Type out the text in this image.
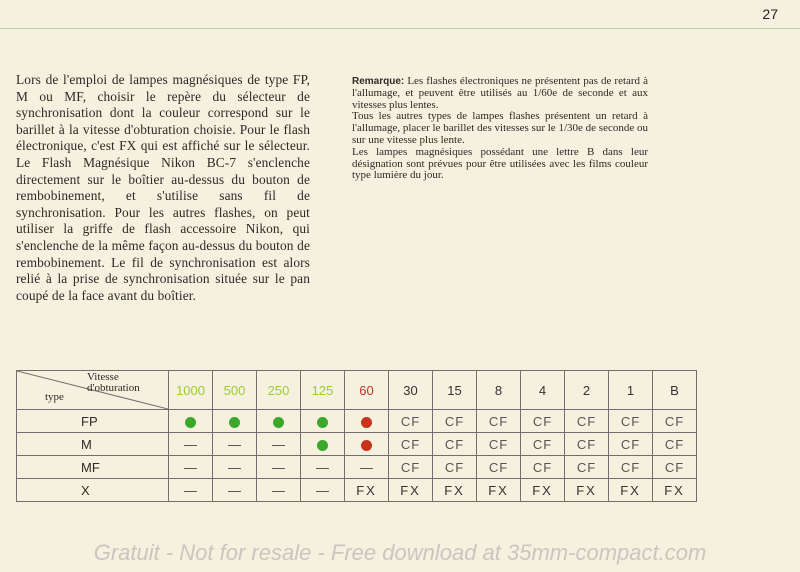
27

Lors de l'emploi de lampes magnésiques de type FP, M ou MF, choisir le repère du sélecteur de synchronisation dont la couleur correspond sur le barillet à la vitesse d'obturation choisie. Pour le flash électronique, c'est FX qui est affiché sur le sélecteur. Le Flash Magnésique Nikon BC-7 s'enclenche directement sur le boîtier au-dessus du bouton de rembobinement, et s'utilise sans fil de synchronisation. Pour les autres flashes, on peut utiliser la griffe de flash accessoire Nikon, qui s'enclenche de la même façon au-dessus du bouton de rembobinement. Le fil de synchronisation est alors relié à la prise de synchronisation située sur le pan coupé de la face avant du boîtier.

Remarque: Les flashes électroniques ne présentent pas de retard à l'allumage, et peuvent être utilisés au 1/60e de seconde et aux vitesses plus lentes.

Tous les autres types de lampes flashes présentent un retard à l'allumage, placer le barillet des vitesses sur le 1/30e de seconde ou sur une vitesse plus lente.

Les lampes magnésiques possédant une lettre B dans leur désignation sont prévues pour être utilisées avec les films couleur type lumière du jour.

Vitesse d'obturation
type	1000	500	250	125	60	30	15	8	4	2	1	B
FP						CF	CF	CF	CF	CF	CF	CF
M	—	—	—			CF	CF	CF	CF	CF	CF	CF
MF	—	—	—	—	—	CF	CF	CF	CF	CF	CF	CF
X	—	—	—	—	FX	FX	FX	FX	FX	FX	FX	FX
Gratuit - Not for resale - Free download at 35mm-compact.com
